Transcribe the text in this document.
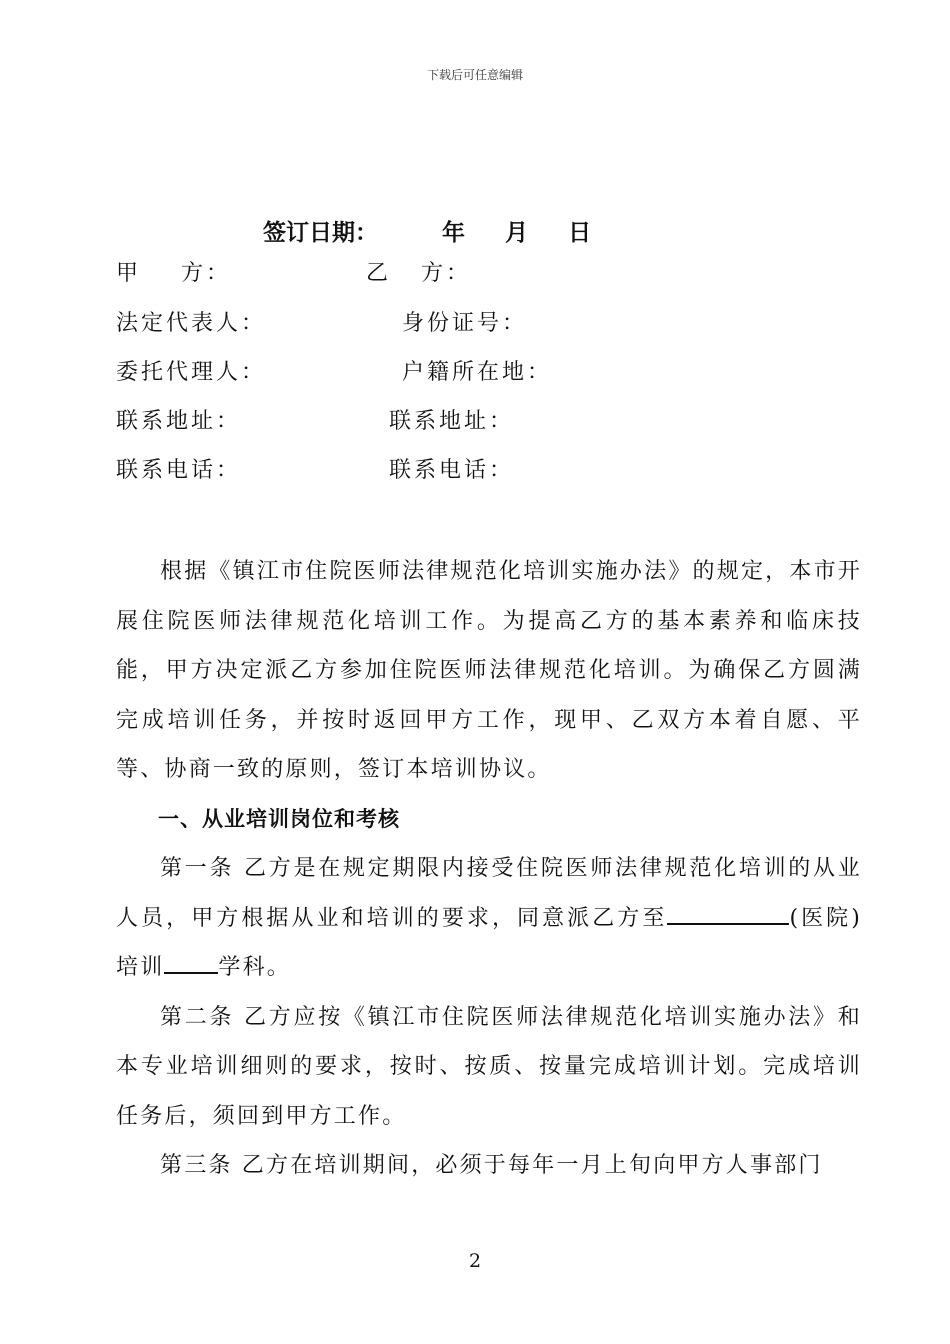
下载后可任意编辑
签订日期：        年     月     日
甲    方：	乙   方：
法定代表人：	身份证号：
委托代理人：	户籍所在地：
联系地址：	联系地址：
联系电话：	联系电话：

根据《镇江市住院医师法律规范化培训实施办法》的规定，本市开展住院医师法律规范化培训工作。为提高乙方的基本素养和临床技能，甲方决定派乙方参加住院医师法律规范化培训。为确保乙方圆满完成培训任务，并按时返回甲方工作，现甲、乙双方本着自愿、平等、协商一致的原则，签订本培训协议。

一、从业培训岗位和考核

第一条 乙方是在规定期限内接受住院医师法律规范化培训的从业人员，甲方根据从业和培训的要求，同意派乙方至	(医院)培训 学科。

第二条 乙方应按《镇江市住院医师法律规范化培训实施办法》和本专业培训细则的要求，按时、按质、按量完成培训计划。完成培训任务后，须回到甲方工作。

第三条 乙方在培训期间，必须于每年一月上旬向甲方人事部门

2
